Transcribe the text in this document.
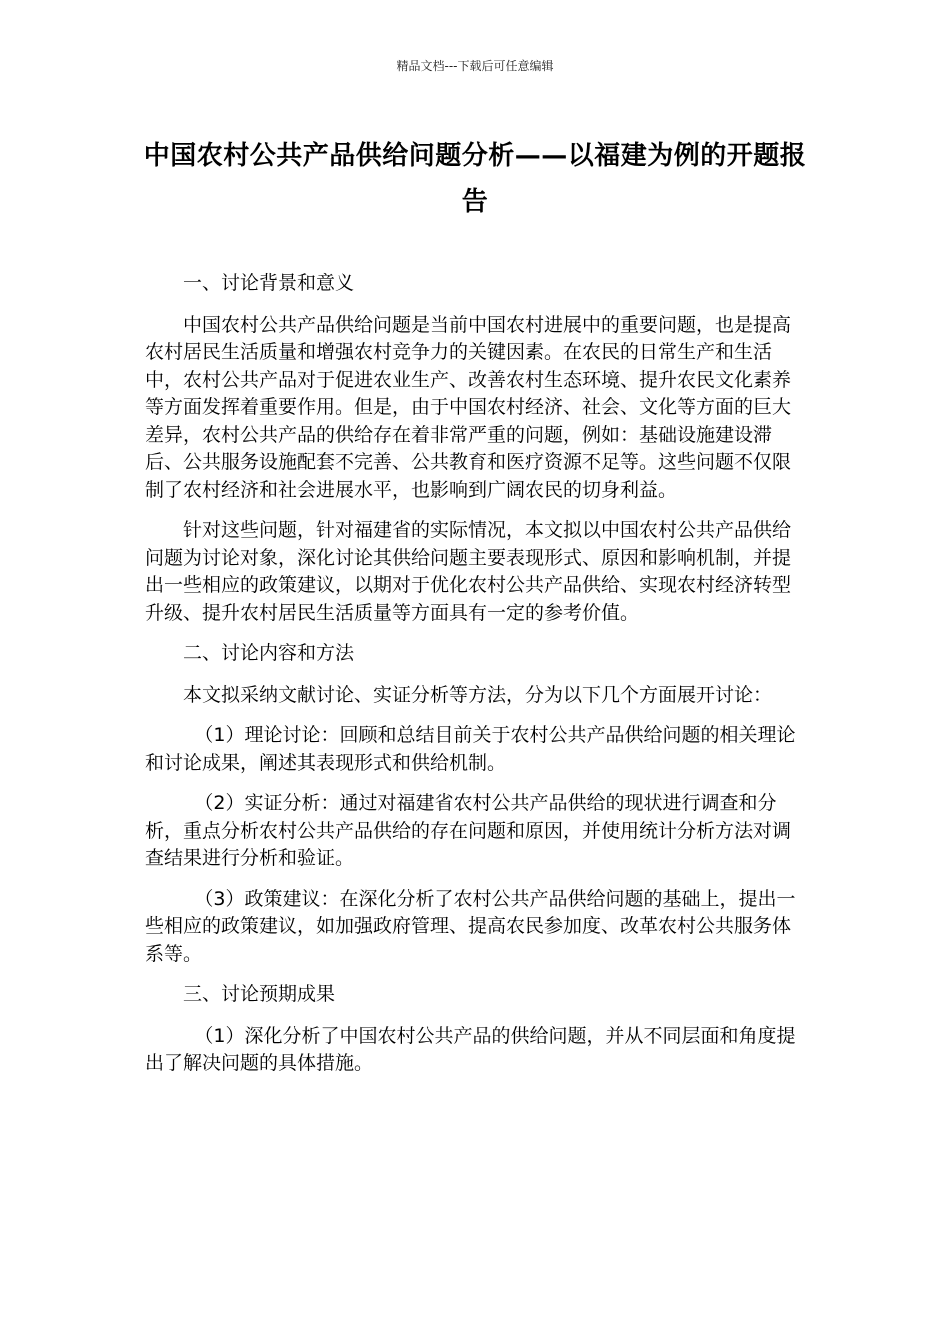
精品文档---下载后可任意编辑
中国农村公共产品供给问题分析——以福建为例的开题报告

一、讨论背景和意义

中国农村公共产品供给问题是当前中国农村进展中的重要问题，也是提高农村居民生活质量和增强农村竞争力的关键因素。在农民的日常生产和生活中，农村公共产品对于促进农业生产、改善农村生态环境、提升农民文化素养等方面发挥着重要作用。但是，由于中国农村经济、社会、文化等方面的巨大差异，农村公共产品的供给存在着非常严重的问题，例如：基础设施建设滞后、公共服务设施配套不完善、公共教育和医疗资源不足等。这些问题不仅限制了农村经济和社会进展水平，也影响到广阔农民的切身利益。

针对这些问题，针对福建省的实际情况，本文拟以中国农村公共产品供给问题为讨论对象，深化讨论其供给问题主要表现形式、原因和影响机制，并提出一些相应的政策建议，以期对于优化农村公共产品供给、实现农村经济转型升级、提升农村居民生活质量等方面具有一定的参考价值。

二、讨论内容和方法

本文拟采纳文献讨论、实证分析等方法，分为以下几个方面展开讨论：

（1）理论讨论：回顾和总结目前关于农村公共产品供给问题的相关理论和讨论成果，阐述其表现形式和供给机制。

（2）实证分析：通过对福建省农村公共产品供给的现状进行调查和分析，重点分析农村公共产品供给的存在问题和原因，并使用统计分析方法对调查结果进行分析和验证。

（3）政策建议：在深化分析了农村公共产品供给问题的基础上，提出一些相应的政策建议，如加强政府管理、提高农民参加度、改革农村公共服务体系等。

三、讨论预期成果

（1）深化分析了中国农村公共产品的供给问题，并从不同层面和角度提出了解决问题的具体措施。
